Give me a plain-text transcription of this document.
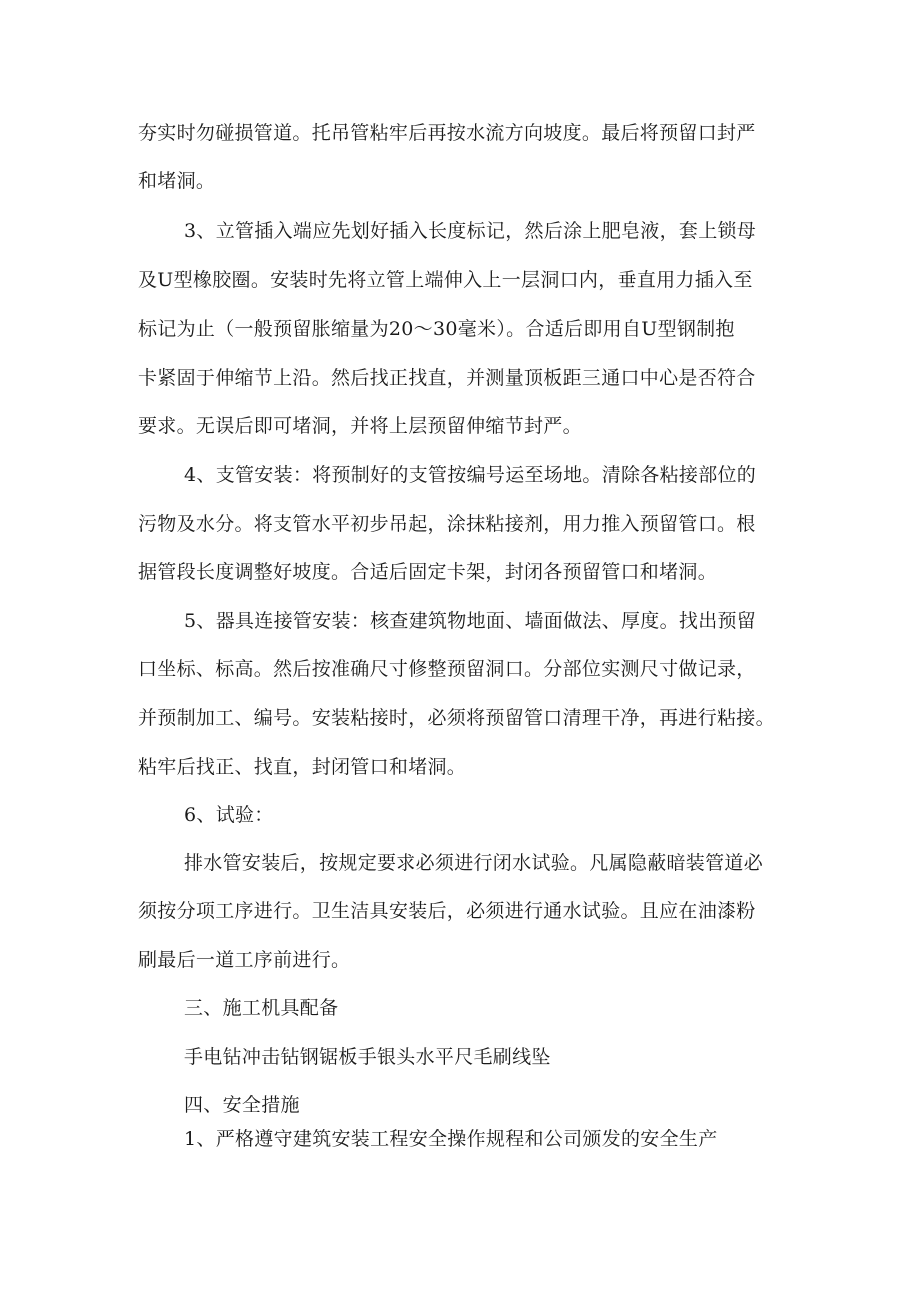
夯实时勿碰损管道。托吊管粘牢后再按水流方向坡度。最后将预留口封严
和堵洞。
3、立管插入端应先划好插入长度标记，然后涂上肥皂液，套上锁母
及U型橡胶圈。安装时先将立管上端伸入上一层洞口内，垂直用力插入至
标记为止（一般预留胀缩量为20～30毫米）。合适后即用自U型钢制抱
卡紧固于伸缩节上沿。然后找正找直，并测量顶板距三通口中心是否符合
要求。无误后即可堵洞，并将上层预留伸缩节封严。
4、支管安装：将预制好的支管按编号运至场地。清除各粘接部位的
污物及水分。将支管水平初步吊起，涂抹粘接剂，用力推入预留管口。根
据管段长度调整好坡度。合适后固定卡架，封闭各预留管口和堵洞。
5、器具连接管安装：核查建筑物地面、墙面做法、厚度。找出预留
口坐标、标高。然后按准确尺寸修整预留洞口。分部位实测尺寸做记录，
并预制加工、编号。安装粘接时，必须将预留管口清理干净，再进行粘接。
粘牢后找正、找直，封闭管口和堵洞。
6、试验：
排水管安装后，按规定要求必须进行闭水试验。凡属隐蔽暗装管道必
须按分项工序进行。卫生洁具安装后，必须进行通水试验。且应在油漆粉
刷最后一道工序前进行。
三、施工机具配备
手电钻冲击钻钢锯板手银头水平尺毛刷线坠
四、安全措施
1、严格遵守建筑安装工程安全操作规程和公司颁发的安全生产
